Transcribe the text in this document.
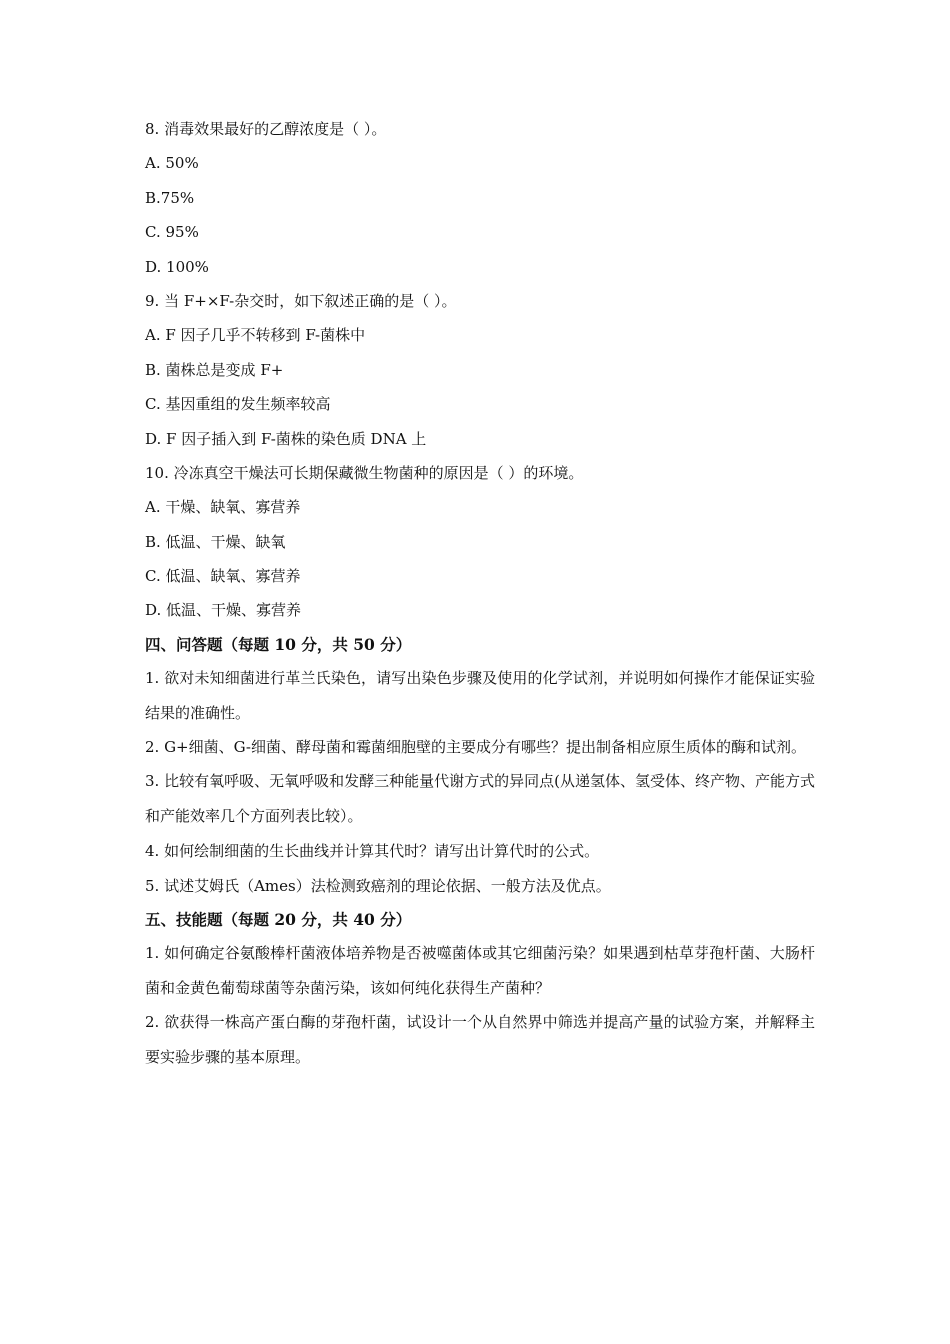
8. 消毒效果最好的乙醇浓度是（ ）。
A. 50%
B.75%
C. 95%
D. 100%
9. 当 F+×F-杂交时，如下叙述正确的是（ ）。
A. F 因子几乎不转移到 F-菌株中
B. 菌株总是变成 F+
C. 基因重组的发生频率较高
D. F 因子插入到 F-菌株的染色质 DNA 上
10. 冷冻真空干燥法可长期保藏微生物菌种的原因是（ ）的环境。
A. 干燥、缺氧、寡营养
B. 低温、干燥、缺氧
C. 低温、缺氧、寡营养
D. 低温、干燥、寡营养
四、问答题（每题 10 分，共 50 分）
1. 欲对未知细菌进行革兰氏染色，请写出染色步骤及使用的化学试剂，并说明如何操作才能保证实验结果的准确性。
2. G+细菌、G-细菌、酵母菌和霉菌细胞壁的主要成分有哪些？提出制备相应原生质体的酶和试剂。
3. 比较有氧呼吸、无氧呼吸和发酵三种能量代谢方式的异同点(从递氢体、氢受体、终产物、产能方式和产能效率几个方面列表比较）。
4. 如何绘制细菌的生长曲线并计算其代时？请写出计算代时的公式。
5. 试述艾姆氏（Ames）法检测致癌剂的理论依据、一般方法及优点。
五、技能题（每题 20 分，共 40 分）
1. 如何确定谷氨酸棒杆菌液体培养物是否被噬菌体或其它细菌污染？如果遇到枯草芽孢杆菌、大肠杆菌和金黄色葡萄球菌等杂菌污染，该如何纯化获得生产菌种？
2. 欲获得一株高产蛋白酶的芽孢杆菌，试设计一个从自然界中筛选并提高产量的试验方案，并解释主要实验步骤的基本原理。
